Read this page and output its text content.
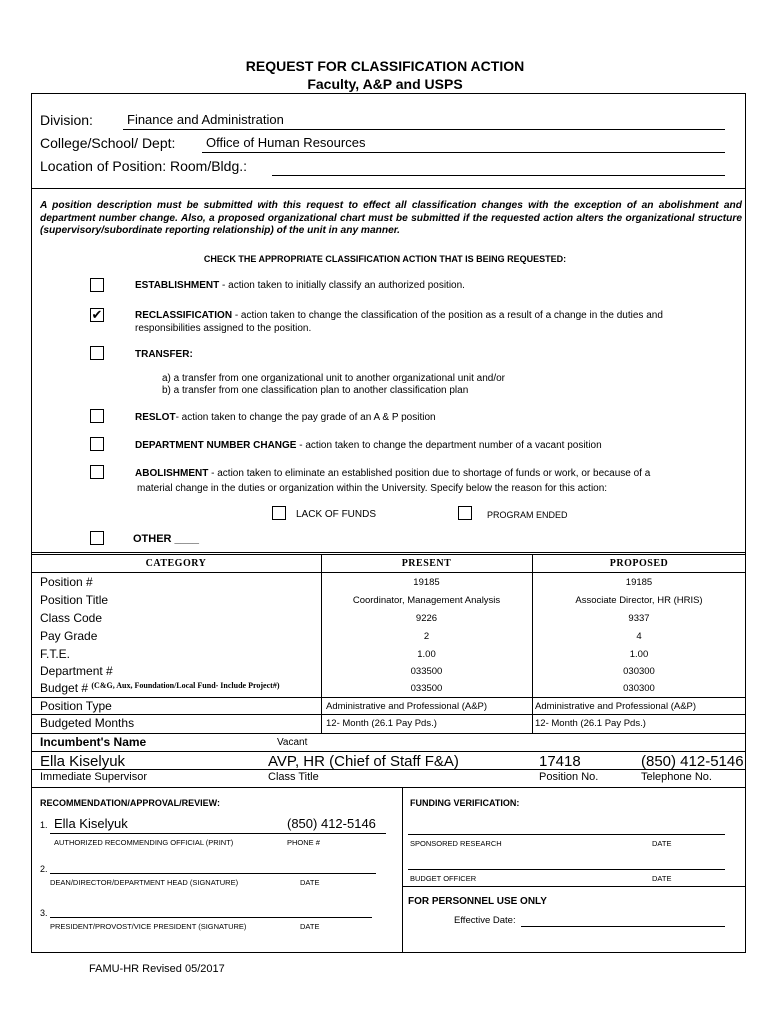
REQUEST FOR CLASSIFICATION ACTION
Faculty, A&P and USPS
Division:	Finance and Administration
College/School/ Dept: Office of Human Resources
Location of Position: Room/Bldg.:
A position description must be submitted with this request to effect all classification changes with the exception of an abolishment and department number change. Also, a proposed organizational chart must be submitted if the requested action alters the organizational structure (supervisory/subordinate reporting relationship) of the unit in any manner.
CHECK THE APPROPRIATE CLASSIFICATION ACTION THAT IS BEING REQUESTED:
ESTABLISHMENT - action taken to initially classify an authorized position.
✔	RECLASSIFICATION - action taken to change the classification of the position as a result of a change in the duties and
responsibilities assigned to the position.
TRANSFER:
a) a transfer from one organizational unit to another organizational unit and/or
b) a transfer from one classification plan to another classification plan
RESLOT- action taken to change the pay grade of an A & P position
DEPARTMENT NUMBER CHANGE - action taken to change the department number of a vacant position
ABOLISHMENT - action taken to eliminate an established position due to shortage of funds or work, or because of a
material change in the duties or organization within the University. Specify below the reason for this action:
LACK OF FUNDS	PROGRAM ENDED
OTHER ____
CATEGORY	PRESENT	PROPOSED
Position #	19185	19185
Position Title	Coordinator, Management Analysis	Associate Director, HR (HRIS)
Class Code	9226	9337
Pay Grade	2	4
F.T.E.	1.00	1.00
Department #	033500	030300
Budget # $^{(C\&G, Aux, Foundation/Local Fund- Include Project\#)}$	033500	030300
Position Type	Administrative and Professional (A&P)	Administrative and Professional (A&P)
Budgeted Months	12- Month (26.1 Pay Pds.)	12- Month (26.1 Pay Pds.)
Incumbent's Name	Vacant
Ella Kiselyuk	AVP, HR (Chief of Staff F&A)	17418	(850) 412-5146
Immediate Supervisor	Class Title	Position No.	Telephone No.
RECOMMENDATION/APPROVAL/REVIEW:
1. Ella Kiselyuk	(850) 412-5146
AUTHORIZED RECOMMENDING OFFICIAL (PRINT)	PHONE #
2.
DEAN/DIRECTOR/DEPARTMENT HEAD (SIGNATURE)	DATE
3.
PRESIDENT/PROVOST/VICE PRESIDENT (SIGNATURE)	DATE
FUNDING VERIFICATION:
SPONSORED RESEARCH	DATE
BUDGET OFFICER	DATE
FOR PERSONNEL USE ONLY
Effective Date:
FAMU-HR Revised 05/2017
